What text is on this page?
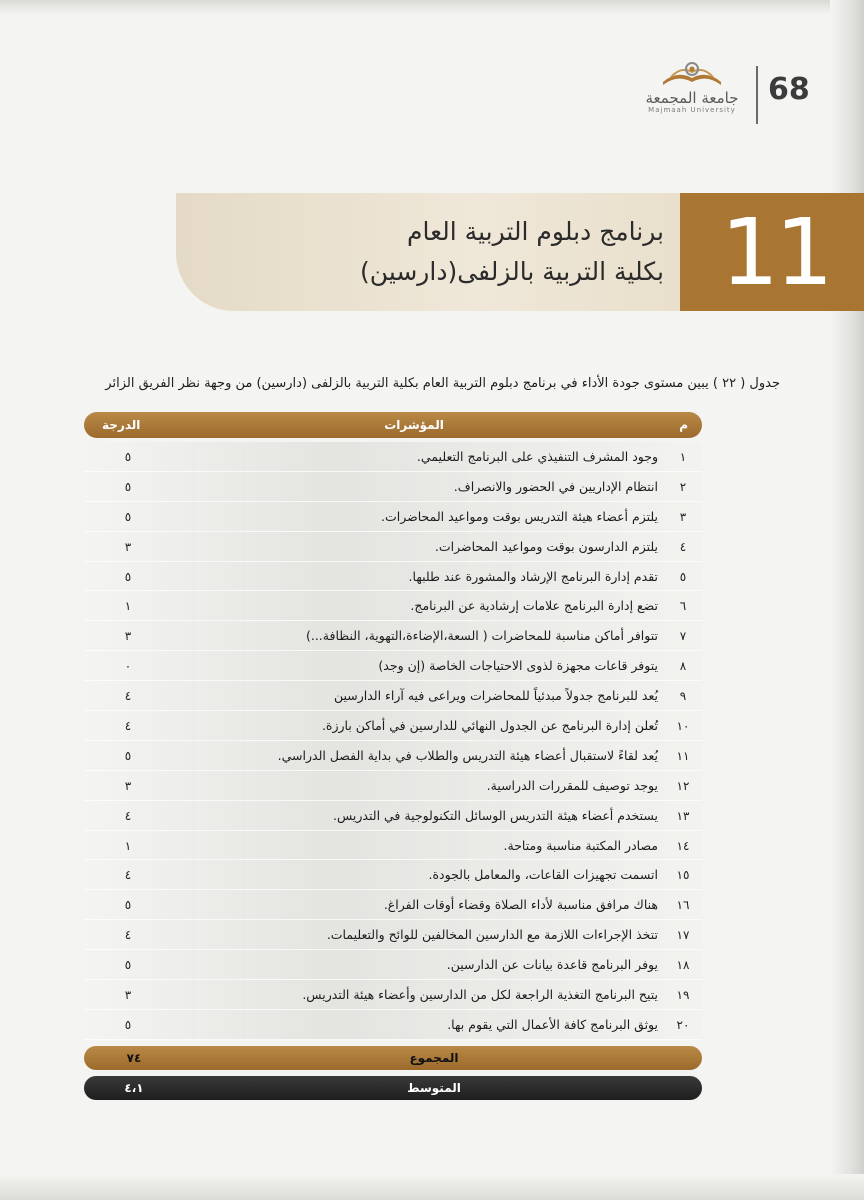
68
جامعة المجمعة
Majmaah University
11
برنامج دبلوم التربية العام
بكلية التربية بالزلفى(دارسين)
جدول ( ٢٢ ) يبين مستوى جودة الأداء في برنامج دبلوم التربية العام بكلية التربية بالزلفى (دارسين) من وجهة نظر الفريق الزائر
م
المؤشرات
الدرجة
١
وجود المشرف التنفيذي على البرنامج التعليمي.
٥
٢
انتظام الإداريين في الحضور والانصراف.
٥
٣
يلتزم أعضاء هيئة التدريس بوقت ومواعيد المحاضرات.
٥
٤
يلتزم الدارسون بوقت ومواعيد المحاضرات.
٣
٥
تقدم إدارة البرنامج الإرشاد والمشورة عند طلبها.
٥
٦
تضع إدارة البرنامج علامات إرشادية عن البرنامج.
١
٧
تتوافر أماكن مناسبة للمحاضرات ( السعة،الإضاءة،التهوية، النظافة...)
٣
٨
يتوفر قاعات مجهزة لذوى الاحتياجات الخاصة (إن وجد)
٠
٩
يُعد للبرنامج جدولاً مبدئياً للمحاضرات ويراعى فيه آراء الدارسين
٤
١٠
تُعلن إدارة البرنامج عن الجدول النهائي للدارسين في أماكن بارزة.
٤
١١
يُعد لقاءً لاستقبال أعضاء هيئة التدريس والطلاب في بداية الفصل الدراسي.
٥
١٢
يوجد توصيف للمقررات الدراسية.
٣
١٣
يستخدم أعضاء هيئة التدريس الوسائل التكنولوجية في التدريس.
٤
١٤
مصادر المكتبة مناسبة ومتاحة.
١
١٥
اتسمت تجهيزات القاعات، والمعامل بالجودة.
٤
١٦
هناك مرافق مناسبة لأداء الصلاة وقضاء أوقات الفراغ.
٥
١٧
تتخذ الإجراءات اللازمة مع الدارسين المخالفين للوائح والتعليمات.
٤
١٨
يوفر البرنامج قاعدة بيانات عن الدارسين.
٥
١٩
يتيح البرنامج التغذية الراجعة لكل من الدارسين وأعضاء هيئة التدريس.
٣
٢٠
يوثق البرنامج كافة الأعمال التي يقوم بها.
٥
المجموع
٧٤
المتوسط
٤،١
